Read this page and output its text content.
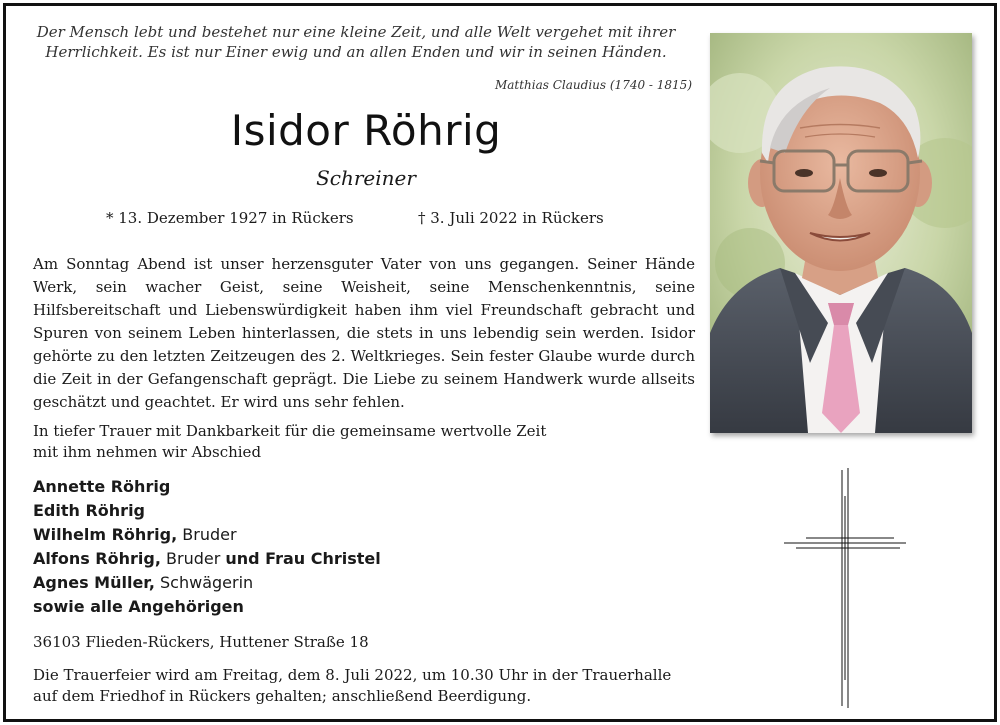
Der Mensch lebt und bestehet nur eine kleine Zeit, und alle Welt vergehet mit ihrer Herrlichkeit. Es ist nur Einer ewig und an allen Enden und wir in seinen Händen.
Matthias Claudius (1740 - 1815)
Isidor Röhrig
Schreiner
* 13. Dezember 1927 in Rückers	† 3. Juli 2022 in Rückers
Am Sonntag Abend ist unser herzensguter Vater von uns gegangen. Seiner Hände Werk, sein wacher Geist, seine Weisheit, seine Menschenkenntnis, seine Hilfsbereitschaft und Liebenswürdigkeit haben ihm viel Freundschaft gebracht und Spuren von seinem Leben hinterlassen, die stets in uns lebendig sein werden. Isidor gehörte zu den letzten Zeitzeugen des 2. Weltkrieges. Sein fester Glaube wurde durch die Zeit in der Gefangenschaft geprägt. Die Liebe zu seinem Handwerk wurde allseits geschätzt und geachtet. Er wird uns sehr fehlen.
In tiefer Trauer mit Dankbarkeit für die gemeinsame wertvolle Zeit
mit ihm nehmen wir Abschied
Annette Röhrig
Edith Röhrig
Wilhelm Röhrig, Bruder
Alfons Röhrig, Bruder und Frau Christel
Agnes Müller, Schwägerin
sowie alle Angehörigen
36103 Flieden-Rückers, Huttener Straße 18
Die Trauerfeier wird am Freitag, dem 8. Juli 2022, um 10.30 Uhr in der Trauerhalle
auf dem Friedhof in Rückers gehalten; anschließend Beerdigung.
